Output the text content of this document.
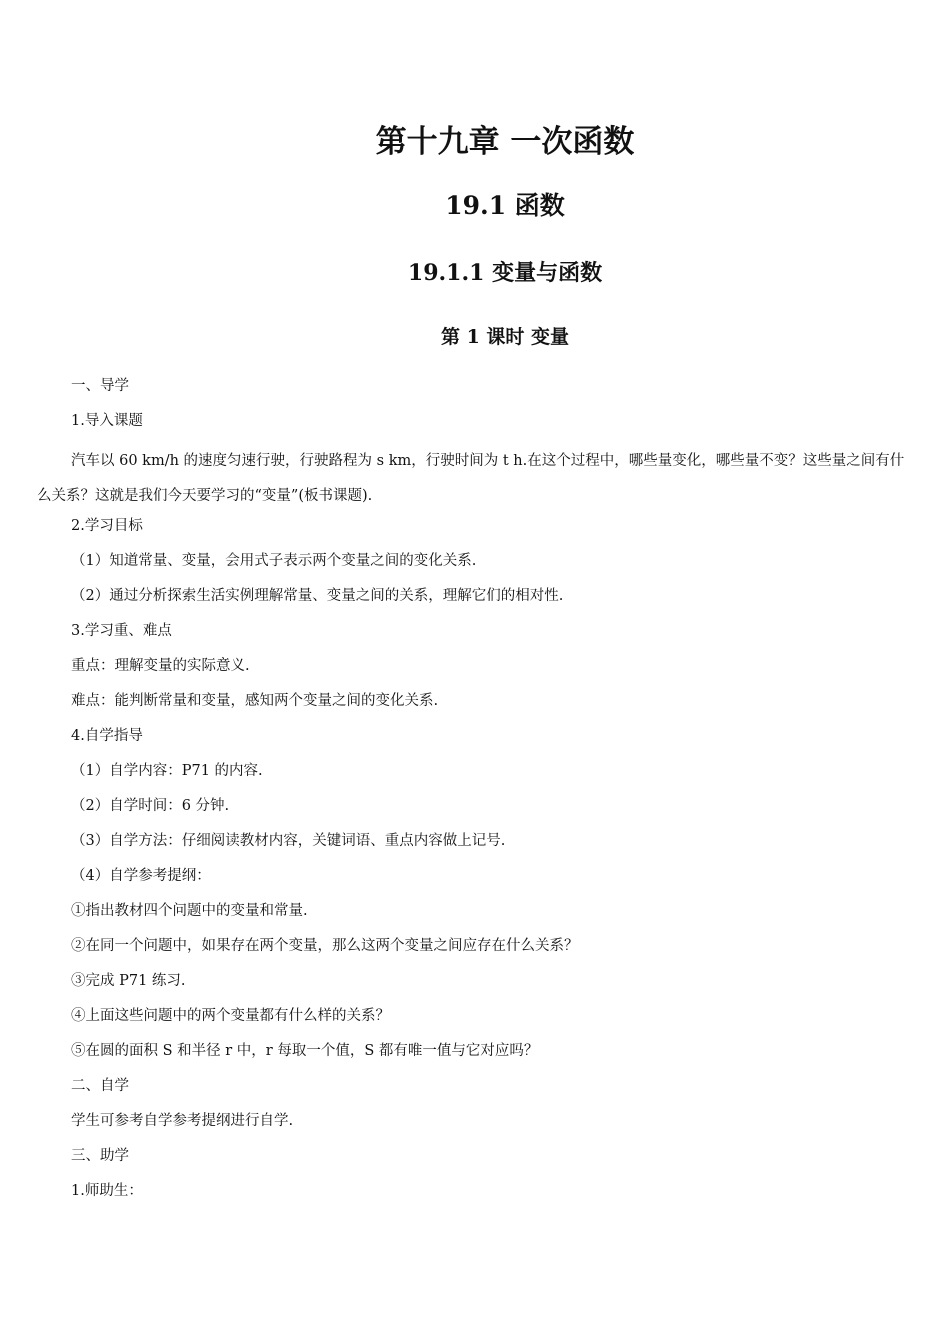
第十九章 一次函数
19.1 函数
19.1.1 变量与函数
第 1 课时 变量
一、导学
1.导入课题
汽车以 60 km/h 的速度匀速行驶，行驶路程为 s km，行驶时间为 t h.在这个过程中，哪些量变化，哪些量不变？这些量之间有什么关系？这就是我们今天要学习的“变量”(板书课题).
2.学习目标
（1）知道常量、变量，会用式子表示两个变量之间的变化关系.
（2）通过分析探索生活实例理解常量、变量之间的关系，理解它们的相对性.
3.学习重、难点
重点：理解变量的实际意义.
难点：能判断常量和变量，感知两个变量之间的变化关系.
4.自学指导
（1）自学内容：P71 的内容.
（2）自学时间：6 分钟.
（3）自学方法：仔细阅读教材内容，关键词语、重点内容做上记号.
（4）自学参考提纲：
①指出教材四个问题中的变量和常量.
②在同一个问题中，如果存在两个变量，那么这两个变量之间应存在什么关系？
③完成 P71 练习.
④上面这些问题中的两个变量都有什么样的关系？
⑤在圆的面积 S 和半径 r 中，r 每取一个值，S 都有唯一值与它对应吗？
二、自学
学生可参考自学参考提纲进行自学.
三、助学
1.师助生：
